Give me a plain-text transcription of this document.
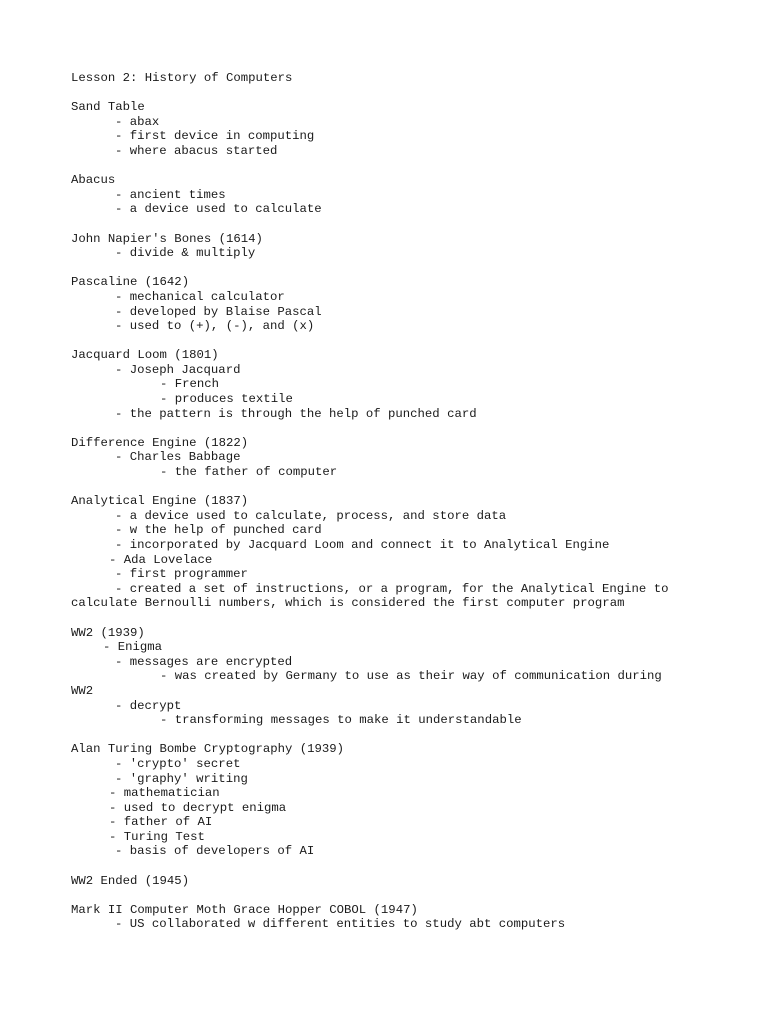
Lesson 2: History of Computers
Sand Table
- abax
- first device in computing
- where abacus started
Abacus
- ancient times
- a device used to calculate
John Napier's Bones (1614)
- divide & multiply
Pascaline (1642)
- mechanical calculator
- developed by Blaise Pascal
- used to (+), (-), and (x)
Jacquard Loom (1801)
- Joseph Jacquard
- French
- produces textile
- the pattern is through the help of punched card
Difference Engine (1822)
- Charles Babbage
- the father of computer
Analytical Engine (1837)
- a device used to calculate, process, and store data
- w the help of punched card
- incorporated by Jacquard Loom and connect it to Analytical Engine
- Ada Lovelace
- first programmer
- created a set of instructions, or a program, for the Analytical Engine to
calculate Bernoulli numbers, which is considered the first computer program
WW2 (1939)
- Enigma
- messages are encrypted
- was created by Germany to use as their way of communication during
WW2
- decrypt
- transforming messages to make it understandable
Alan Turing Bombe Cryptography (1939)
- 'crypto' secret
- 'graphy' writing
- mathematician
- used to decrypt enigma
- father of AI
- Turing Test
- basis of developers of AI
WW2 Ended (1945)
Mark II Computer Moth Grace Hopper COBOL (1947)
- US collaborated w different entities to study abt computers
